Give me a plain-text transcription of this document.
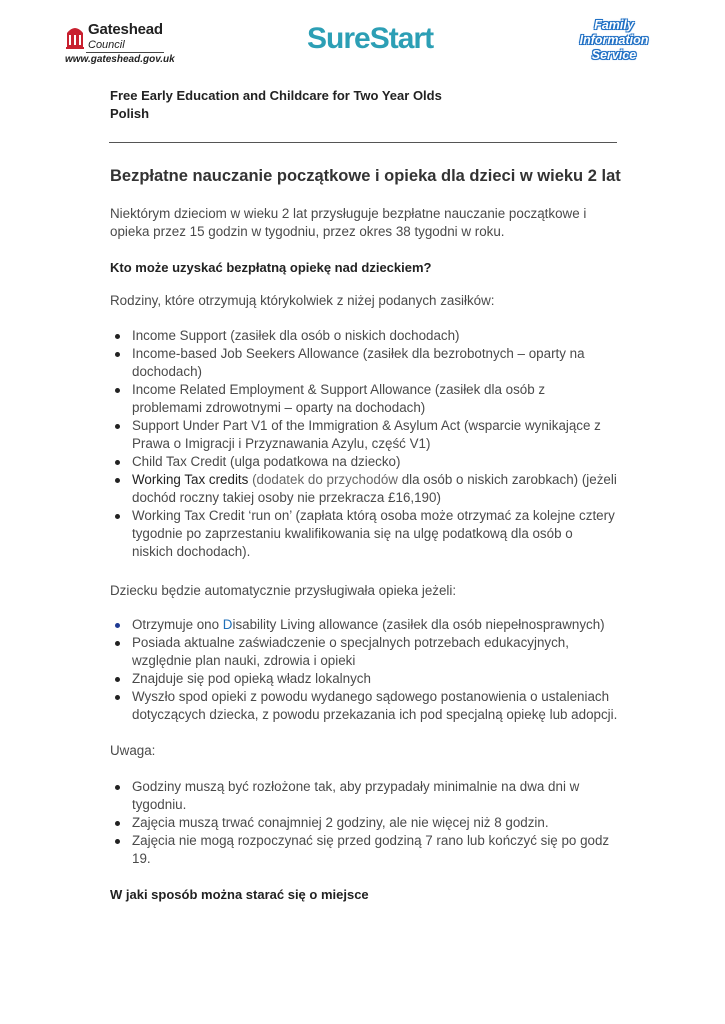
Gateshead
Council
www.gateshead.gov.uk
SureStart	Family
Information
Service
Free Early Education and Childcare for Two Year Olds
Polish
Bezpłatne nauczanie początkowe i opieka dla dzieci w wieku 2 lat
Niektórym dzieciom w wieku 2 lat przysługuje bezpłatne nauczanie początkowe i
opieka przez 15 godzin w tygodniu, przez okres 38 tygodni w roku.
Kto może uzyskać bezpłatną opiekę nad dzieckiem?
Rodziny, które otrzymują którykolwiek z niżej podanych zasiłków:
Income Support (zasiłek dla osób o niskich dochodach)
Income-based Job Seekers Allowance (zasiłek dla bezrobotnych – oparty na
dochodach)
Income Related Employment & Support Allowance (zasiłek dla osób z
problemami zdrowotnymi – oparty na dochodach)
Support Under Part V1 of the Immigration & Asylum Act (wsparcie wynikające z
Prawa o Imigracji i Przyznawania Azylu, część V1)
Child Tax Credit (ulga podatkowa na dziecko)
Working Tax credits (dodatek do przychodów dla osób o niskich zarobkach) (jeżeli
dochód roczny takiej osoby nie przekracza £16,190)
Working Tax Credit ‘run on’ (zapłata którą osoba może otrzymać za kolejne cztery
tygodnie po zaprzestaniu kwalifikowania się na ulgę podatkową dla osób o
niskich dochodach).
Dziecku będzie automatycznie przysługiwała opieka jeżeli:
Otrzymuje ono Disability Living allowance (zasiłek dla osób niepełnosprawnych)
Posiada aktualne zaświadczenie o specjalnych potrzebach edukacyjnych,
względnie plan nauki, zdrowia i opieki
Znajduje się pod opieką władz lokalnych
Wyszło spod opieki z powodu wydanego sądowego postanowienia o ustaleniach
dotyczących dziecka, z powodu przekazania ich pod specjalną opiekę lub adopcji.
Uwaga:
Godziny muszą być rozłożone tak, aby przypadały minimalnie na dwa dni w
tygodniu.
Zajęcia muszą trwać conajmniej 2 godziny, ale nie więcej niż 8 godzin.
Zajęcia nie mogą rozpoczynać się przed godziną 7 rano lub kończyć się po godz
19.
W jaki sposób można starać się o miejsce
